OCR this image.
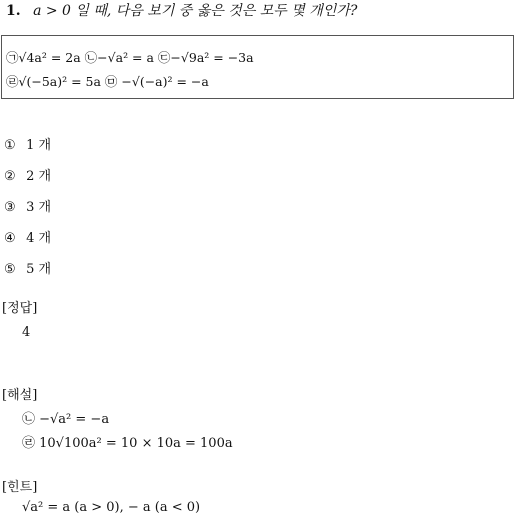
1. a > 0 일 때, 다음 보기 중 옳은 것은 모두 몇 개인가?
㉠√4a² = 2a ㉡−√a² = a ㉢−√9a² = −3a
㉣√(−5a)² = 5a ㉤ −√(−a)² = −a
① 1 개
② 2 개
③ 3 개
④ 4 개
⑤ 5 개
[정답]
4
[해설]
㉡ −√a² = −a
㉣ 10√100a² = 10 × 10a = 100a
[힌트]
√a² = a (a > 0), − a (a < 0)
